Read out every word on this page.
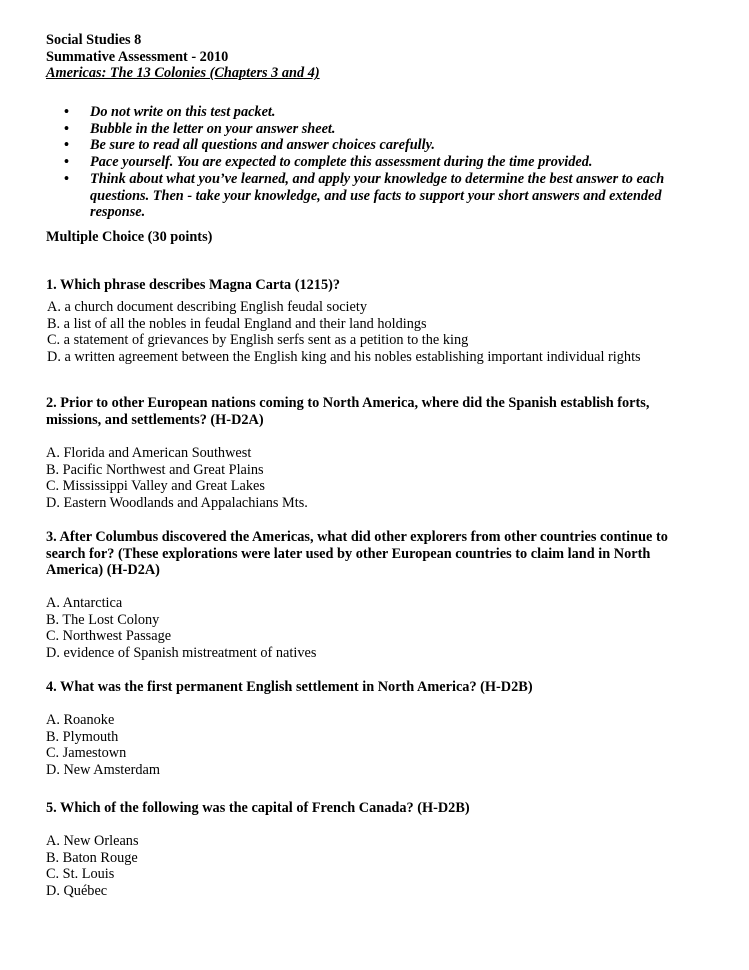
Social Studies 8
Summative Assessment - 2010
Americas: The 13 Colonies (Chapters 3 and 4)
• Do not write on this test packet.
• Bubble in the letter on your answer sheet.
• Be sure to read all questions and answer choices carefully.
• Pace yourself. You are expected to complete this assessment during the time provided.
• Think about what you’ve learned, and apply your knowledge to determine the best answer to each questions. Then - take your knowledge, and use facts to support your short answers and extended response.
Multiple Choice (30 points)
1. Which phrase describes Magna Carta (1215)?
A. a church document describing English feudal society
B. a list of all the nobles in feudal England and their land holdings
C. a statement of grievances by English serfs sent as a petition to the king
D. a written agreement between the English king and his nobles establishing important individual rights
2. Prior to other European nations coming to North America, where did the Spanish establish forts, missions, and settlements? (H-D2A)
A. Florida and American Southwest
B. Pacific Northwest and Great Plains
C. Mississippi Valley and Great Lakes
D. Eastern Woodlands and Appalachians Mts.
3. After Columbus discovered the Americas, what did other explorers from other countries continue to search for? (These explorations were later used by other European countries to claim land in North America) (H-D2A)
A. Antarctica
B. The Lost Colony
C. Northwest Passage
D. evidence of Spanish mistreatment of natives
4. What was the first permanent English settlement in North America? (H-D2B)
A. Roanoke
B. Plymouth
C. Jamestown
D. New Amsterdam
5. Which of the following was the capital of French Canada? (H-D2B)
A. New Orleans
B. Baton Rouge
C. St. Louis
D. Québec
